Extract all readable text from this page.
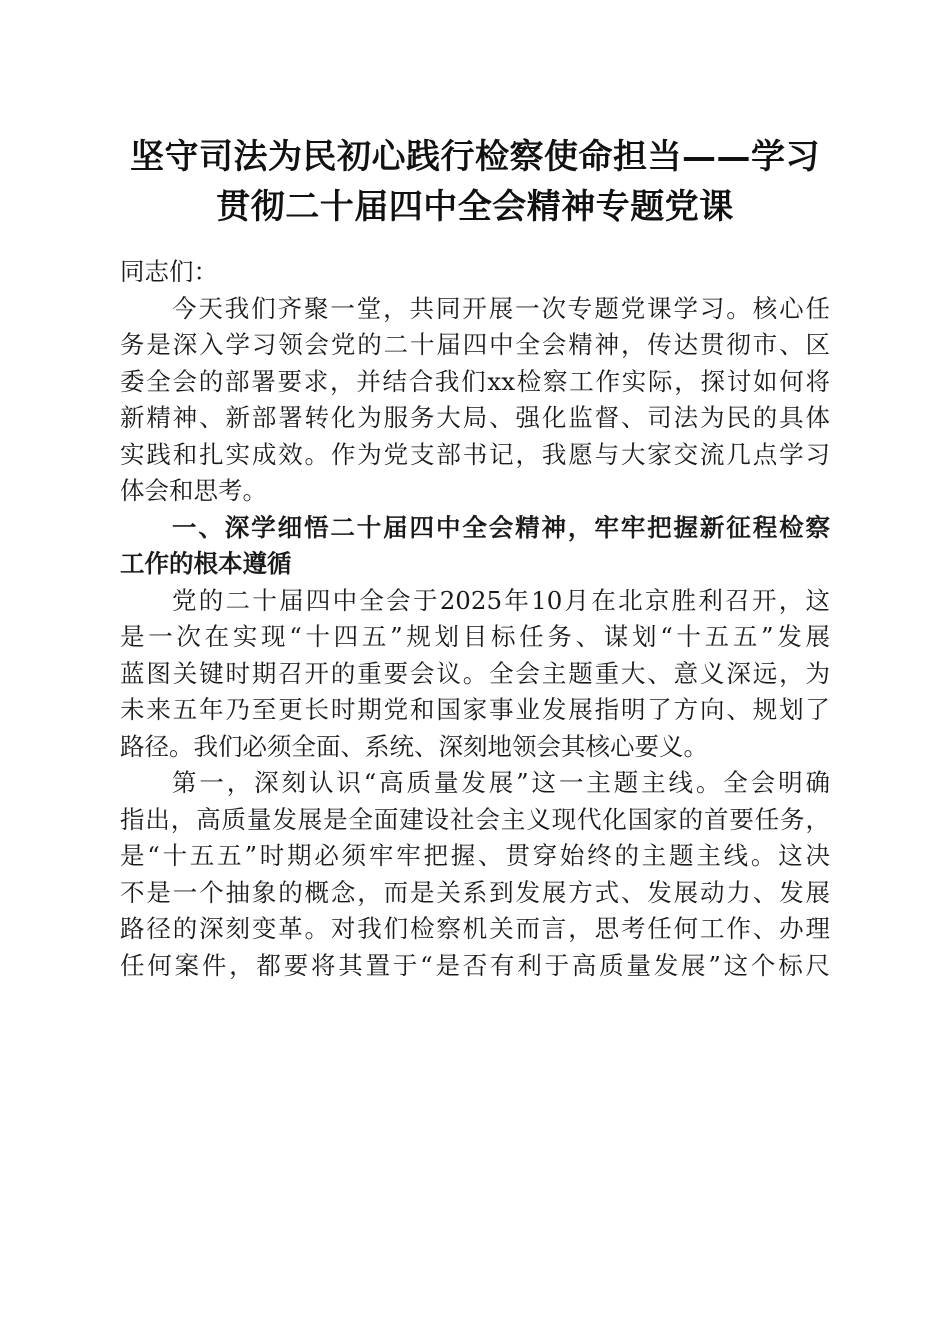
坚守司法为民初心践行检察使命担当——学习
贯彻二十届四中全会精神专题党课
同志们：
今天我们齐聚一堂，共同开展一次专题党课学习。核心任
务是深入学习领会党的二十届四中全会精神，传达贯彻市、区
委全会的部署要求，并结合我们xx检察工作实际，探讨如何将
新精神、新部署转化为服务大局、强化监督、司法为民的具体
实践和扎实成效。作为党支部书记，我愿与大家交流几点学习
体会和思考。
一、深学细悟二十届四中全会精神，牢牢把握新征程检察
工作的根本遵循
党的二十届四中全会于2025年10月在北京胜利召开，这
是一次在实现“十四五”规划目标任务、谋划“十五五”发展
蓝图关键时期召开的重要会议。全会主题重大、意义深远，为
未来五年乃至更长时期党和国家事业发展指明了方向、规划了
路径。我们必须全面、系统、深刻地领会其核心要义。
第一，深刻认识“高质量发展”这一主题主线。全会明确
指出，高质量发展是全面建设社会主义现代化国家的首要任务，
是“十五五”时期必须牢牢把握、贯穿始终的主题主线。这决
不是一个抽象的概念，而是关系到发展方式、发展动力、发展
路径的深刻变革。对我们检察机关而言，思考任何工作、办理
任何案件，都要将其置于“是否有利于高质量发展”这个标尺
